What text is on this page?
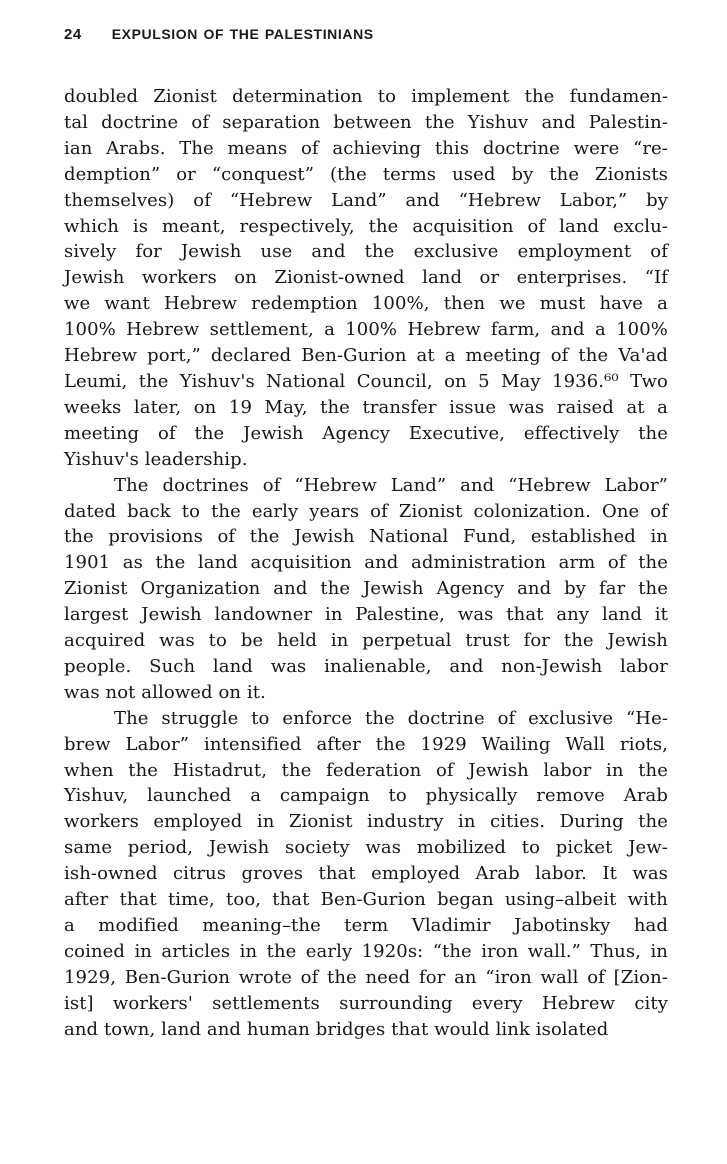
24 EXPULSION OF THE PALESTINIANS

doubled Zionist determination to implement the fundamen-
tal doctrine of separation between the Yishuv and Palestin-
ian Arabs. The means of achieving this doctrine were “re-
demption” or “conquest” (the terms used by the Zionists
themselves) of “Hebrew Land” and “Hebrew Labor,” by
which is meant, respectively, the acquisition of land exclu-
sively for Jewish use and the exclusive employment of
Jewish workers on Zionist-owned land or enterprises. “If
we want Hebrew redemption 100%, then we must have a
100% Hebrew settlement, a 100% Hebrew farm, and a 100%
Hebrew port,” declared Ben-Gurion at a meeting of the Va'ad
Leumi, the Yishuv's National Council, on 5 May 1936.⁶⁰ Two
weeks later, on 19 May, the transfer issue was raised at a
meeting of the Jewish Agency Executive, effectively the
Yishuv's leadership.

The doctrines of “Hebrew Land” and “Hebrew Labor”
dated back to the early years of Zionist colonization. One of
the provisions of the Jewish National Fund, established in
1901 as the land acquisition and administration arm of the
Zionist Organization and the Jewish Agency and by far the
largest Jewish landowner in Palestine, was that any land it
acquired was to be held in perpetual trust for the Jewish
people. Such land was inalienable, and non-Jewish labor
was not allowed on it.

The struggle to enforce the doctrine of exclusive “He-
brew Labor” intensified after the 1929 Wailing Wall riots,
when the Histadrut, the federation of Jewish labor in the
Yishuv, launched a campaign to physically remove Arab
workers employed in Zionist industry in cities. During the
same period, Jewish society was mobilized to picket Jew-
ish-owned citrus groves that employed Arab labor. It was
after that time, too, that Ben-Gurion began using–albeit with
a modified meaning–the term Vladimir Jabotinsky had
coined in articles in the early 1920s: “the iron wall.” Thus, in
1929, Ben-Gurion wrote of the need for an “iron wall of [Zion-
ist] workers' settlements surrounding every Hebrew city
and town, land and human bridges that would link isolated
